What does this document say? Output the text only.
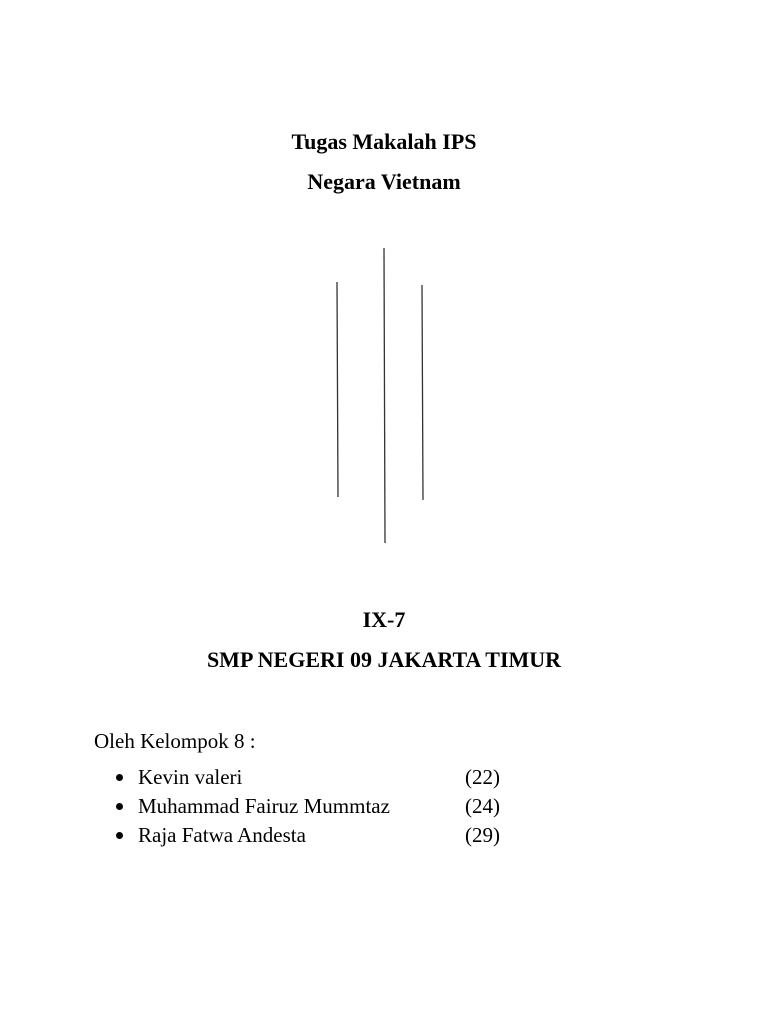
Tugas Makalah IPS
Negara Vietnam
IX-7
SMP NEGERI 09 JAKARTA TIMUR

Oleh Kelompok 8 :

Kevin valeri	(22)
Muhammad Fairuz Mummtaz	(24)
Raja Fatwa Andesta	(29)
